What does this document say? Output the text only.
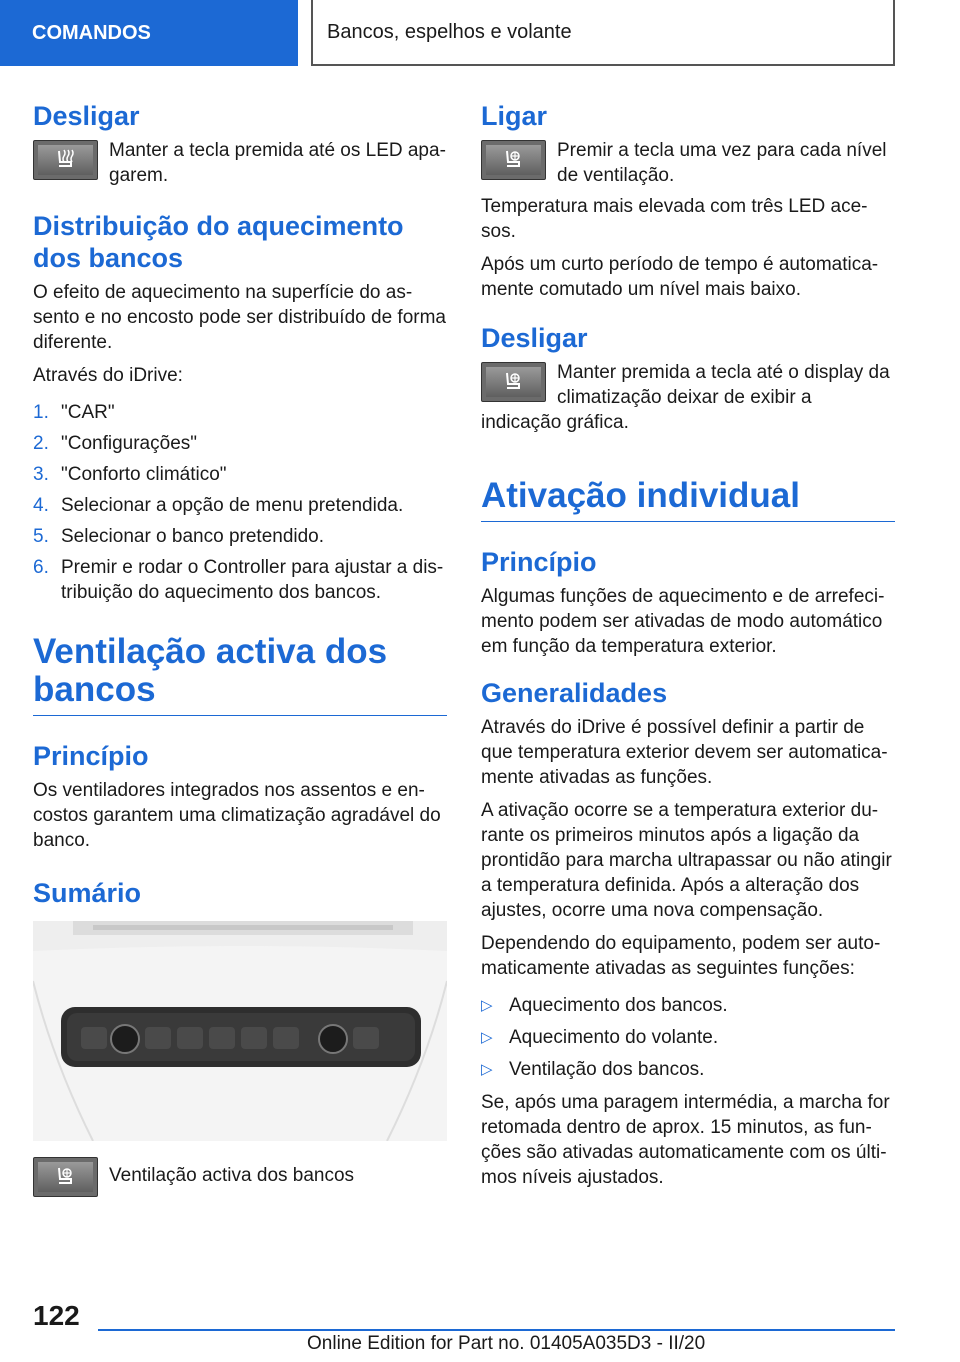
COMANDOS	Bancos, espelhos e volante
Desligar

Manter a tecla premida até os LED apa-garem.

Distribuição do aquecimento dos bancos

O efeito de aquecimento na superfície do as-sento e no encosto pode ser distribuído de forma diferente.

Através do iDrive:

1. "CAR"
2. "Configurações"
3. "Conforto climático"
4. Selecionar a opção de menu pretendida.
5. Selecionar o banco pretendido.
6. Premir e rodar o Controller para ajustar a dis-tribuição do aquecimento dos bancos.
Ventilação activa dos bancos
Princípio

Os ventiladores integrados nos assentos e en-costos garantem uma climatização agradável do banco.

Sumário

Ventilação activa dos bancos

Ligar

Premir a tecla uma vez para cada nível de ventilação.

Temperatura mais elevada com três LED ace-sos.

Após um curto período de tempo é automatica-mente comutado um nível mais baixo.

Desligar

Manter premida a tecla até o display da climatização deixar de exibir a indicação gráfica.

Ativação individual
Princípio

Algumas funções de aquecimento e de arrefeci-mento podem ser ativadas de modo automático em função da temperatura exterior.

Generalidades

Através do iDrive é possível definir a partir de que temperatura exterior devem ser automatica-mente ativadas as funções.

A ativação ocorre se a temperatura exterior du-rante os primeiros minutos após a ligação da prontidão para marcha ultrapassar ou não atingir a temperatura definida. Após a alteração dos ajustes, ocorre uma nova compensação.

Dependendo do equipamento, podem ser auto-maticamente ativadas as seguintes funções:

▷ Aquecimento dos bancos.
▷ Aquecimento do volante.
▷ Ventilação dos bancos.

Se, após uma paragem intermédia, a marcha for retomada dentro de aprox. 15 minutos, as fun-ções são ativadas automaticamente com os últi-mos níveis ajustados.

122
Online Edition for Part no. 01405A035D3 - II/20
